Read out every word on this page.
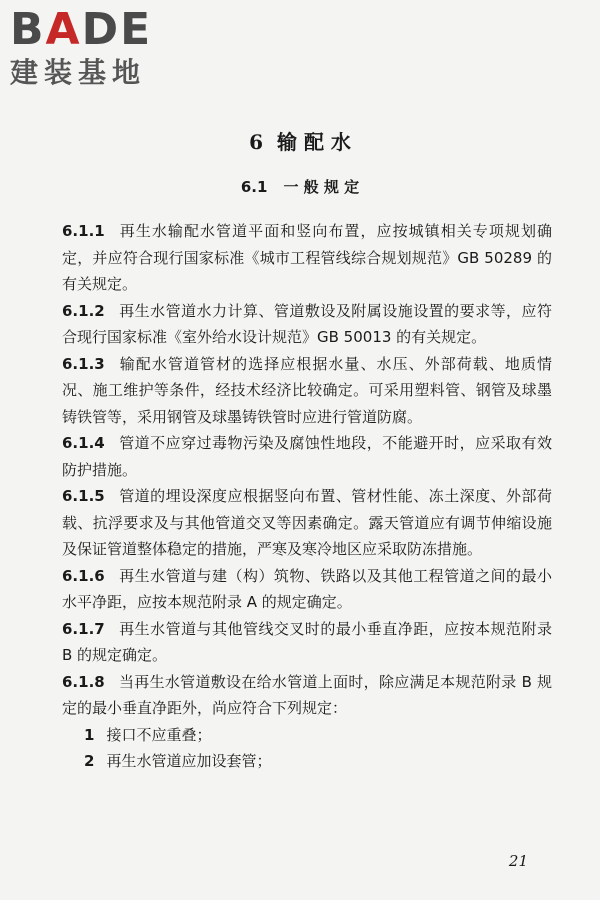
BADE
建装基地
6 输 配 水
6.1 一 般 规 定

6.1.1 再生水输配水管道平面和竖向布置，应按城镇相关专项规划确定，并应符合现行国家标准《城市工程管线综合规划规范》GB 50289 的有关规定。

6.1.2 再生水管道水力计算、管道敷设及附属设施设置的要求等，应符合现行国家标准《室外给水设计规范》GB 50013 的有关规定。

6.1.3 输配水管道管材的选择应根据水量、水压、外部荷载、地质情况、施工维护等条件，经技术经济比较确定。可采用塑料管、钢管及球墨铸铁管等，采用钢管及球墨铸铁管时应进行管道防腐。

6.1.4 管道不应穿过毒物污染及腐蚀性地段，不能避开时，应采取有效防护措施。

6.1.5 管道的埋设深度应根据竖向布置、管材性能、冻土深度、外部荷载、抗浮要求及与其他管道交叉等因素确定。露天管道应有调节伸缩设施及保证管道整体稳定的措施，严寒及寒冷地区应采取防冻措施。

6.1.6 再生水管道与建（构）筑物、铁路以及其他工程管道之间的最小水平净距，应按本规范附录 A 的规定确定。

6.1.7 再生水管道与其他管线交叉时的最小垂直净距，应按本规范附录 B 的规定确定。

6.1.8 当再生水管道敷设在给水管道上面时，除应满足本规范附录 B 规定的最小垂直净距外，尚应符合下列规定：

1 接口不应重叠；

2 再生水管道应加设套管；

21
